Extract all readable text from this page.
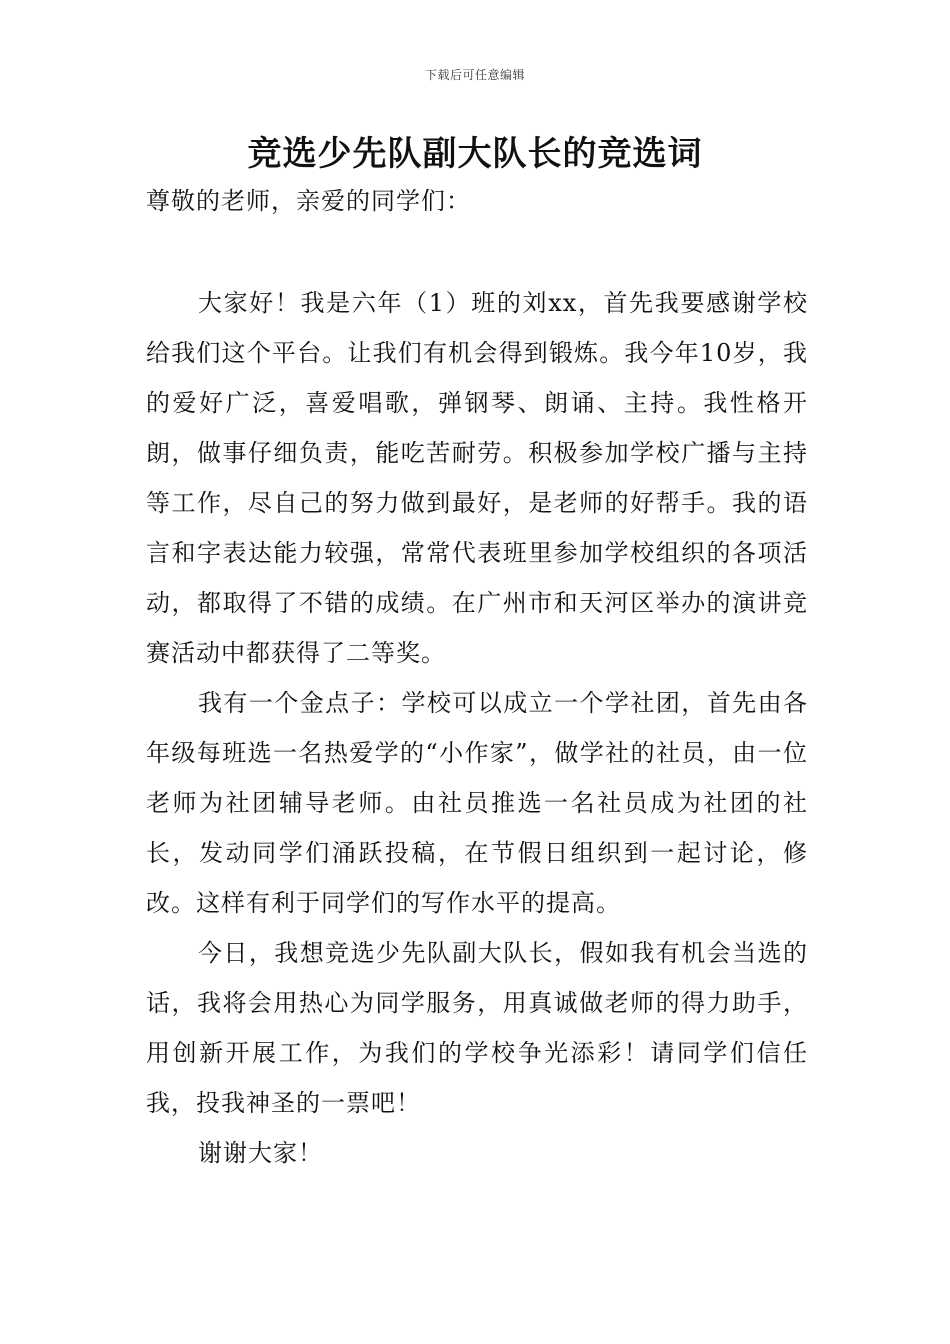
下载后可任意编辑
竞选少先队副大队长的竞选词
尊敬的老师，亲爱的同学们：

大家好！我是六年（1）班的刘xx，首先我要感谢学校给我们这个平台。让我们有机会得到锻炼。我今年10岁，我的爱好广泛，喜爱唱歌，弹钢琴、朗诵、主持。我性格开朗，做事仔细负责，能吃苦耐劳。积极参加学校广播与主持等工作，尽自己的努力做到最好，是老师的好帮手。我的语言和字表达能力较强，常常代表班里参加学校组织的各项活动，都取得了不错的成绩。在广州市和天河区举办的演讲竞赛活动中都获得了二等奖。

我有一个金点子：学校可以成立一个学社团，首先由各年级每班选一名热爱学的“小作家”，做学社的社员，由一位老师为社团辅导老师。由社员推选一名社员成为社团的社长，发动同学们涌跃投稿，在节假日组织到一起讨论，修改。这样有利于同学们的写作水平的提高。

今日，我想竞选少先队副大队长，假如我有机会当选的话，我将会用热心为同学服务，用真诚做老师的得力助手，用创新开展工作，为我们的学校争光添彩！请同学们信任我，投我神圣的一票吧！

谢谢大家！
